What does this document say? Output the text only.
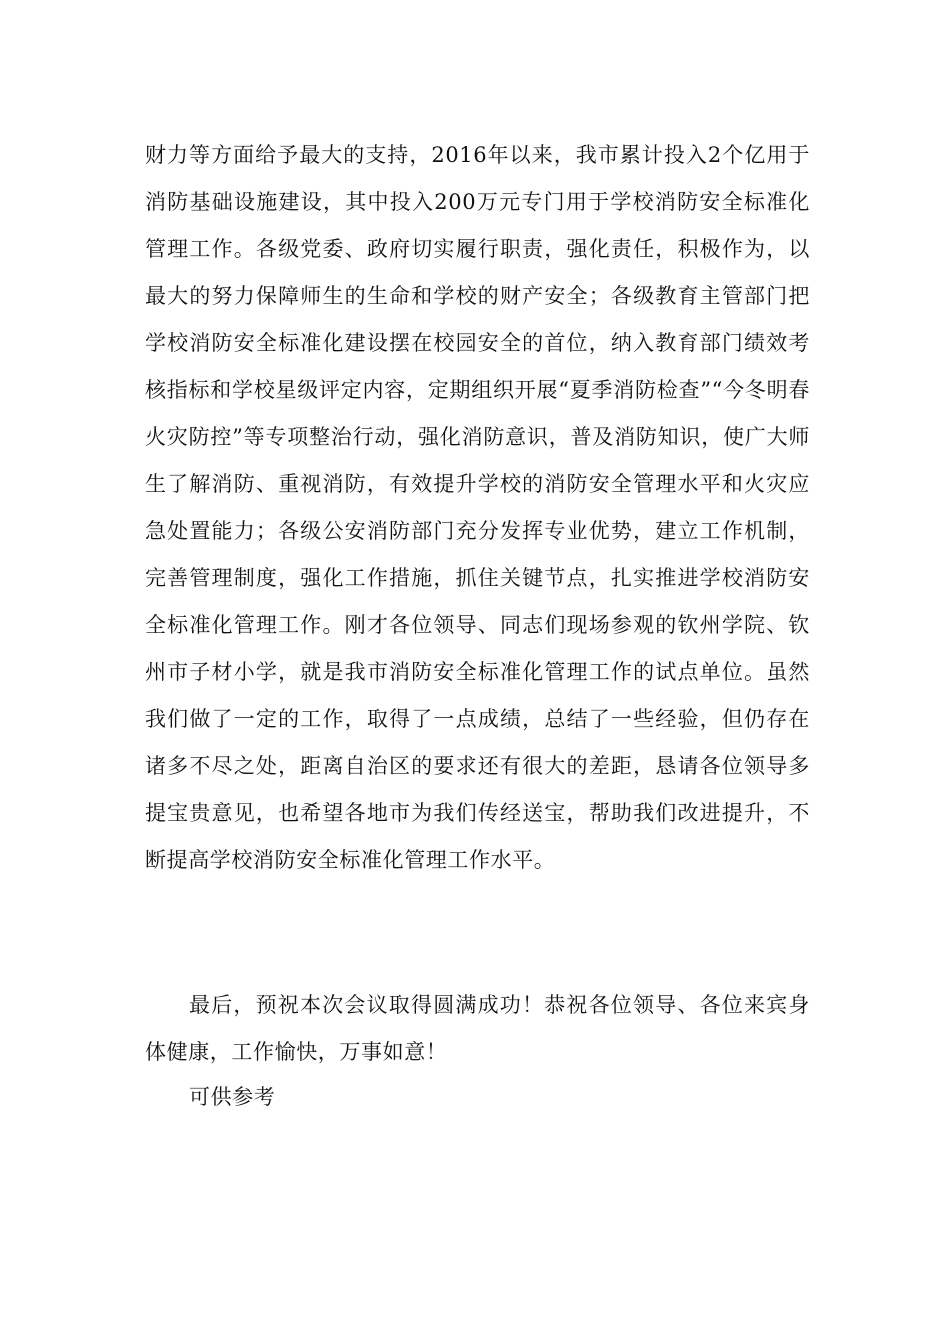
财力等方面给予最大的支持，2016年以来，我市累计投入2个亿用于消防基础设施建设，其中投入200万元专门用于学校消防安全标准化管理工作。各级党委、政府切实履行职责，强化责任，积极作为，以最大的努力保障师生的生命和学校的财产安全；各级教育主管部门把学校消防安全标准化建设摆在校园安全的首位，纳入教育部门绩效考核指标和学校星级评定内容，定期组织开展“夏季消防检查”“今冬明春火灾防控”等专项整治行动，强化消防意识，普及消防知识，使广大师生了解消防、重视消防，有效提升学校的消防安全管理水平和火灾应急处置能力；各级公安消防部门充分发挥专业优势，建立工作机制，完善管理制度，强化工作措施，抓住关键节点，扎实推进学校消防安全标准化管理工作。刚才各位领导、同志们现场参观的钦州学院、钦州市子材小学，就是我市消防安全标准化管理工作的试点单位。虽然我们做了一定的工作，取得了一点成绩，总结了一些经验，但仍存在诸多不尽之处，距离自治区的要求还有很大的差距，恳请各位领导多提宝贵意见，也希望各地市为我们传经送宝，帮助我们改进提升，不断提高学校消防安全标准化管理工作水平。

最后，预祝本次会议取得圆满成功！恭祝各位领导、各位来宾身体健康，工作愉快，万事如意！

可供参考
